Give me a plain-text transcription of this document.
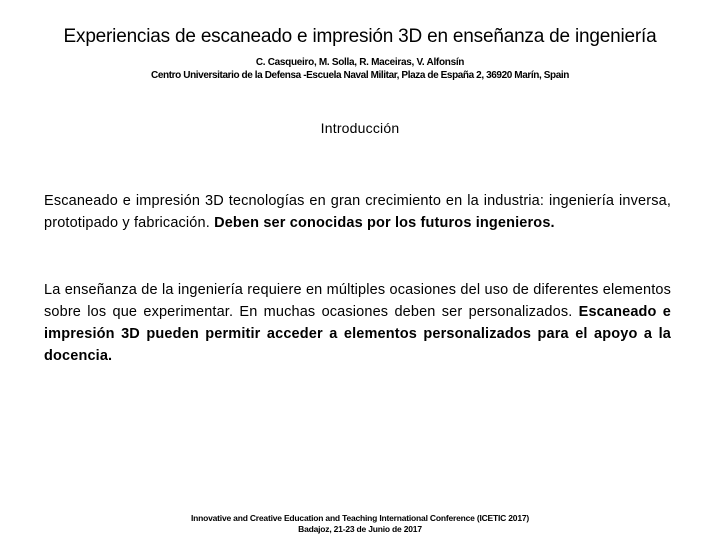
Experiencias de escaneado e impresión 3D en enseñanza de ingeniería
C. Casqueiro, M. Solla, R. Maceiras, V. Alfonsín
Centro Universitario de la Defensa -Escuela Naval Militar, Plaza de España 2, 36920 Marín, Spain
Introducción
Escaneado e impresión 3D tecnologías en gran crecimiento en la industria: ingeniería inversa, prototipado y fabricación. Deben ser conocidas por los futuros ingenieros.
La enseñanza de la ingeniería requiere en múltiples ocasiones del uso de diferentes elementos sobre los que experimentar. En muchas ocasiones deben ser personalizados. Escaneado e impresión 3D pueden permitir acceder a elementos personalizados para el apoyo a la docencia.
Innovative and Creative Education and Teaching International Conference (ICETIC 2017)
Badajoz, 21-23 de Junio de 2017
